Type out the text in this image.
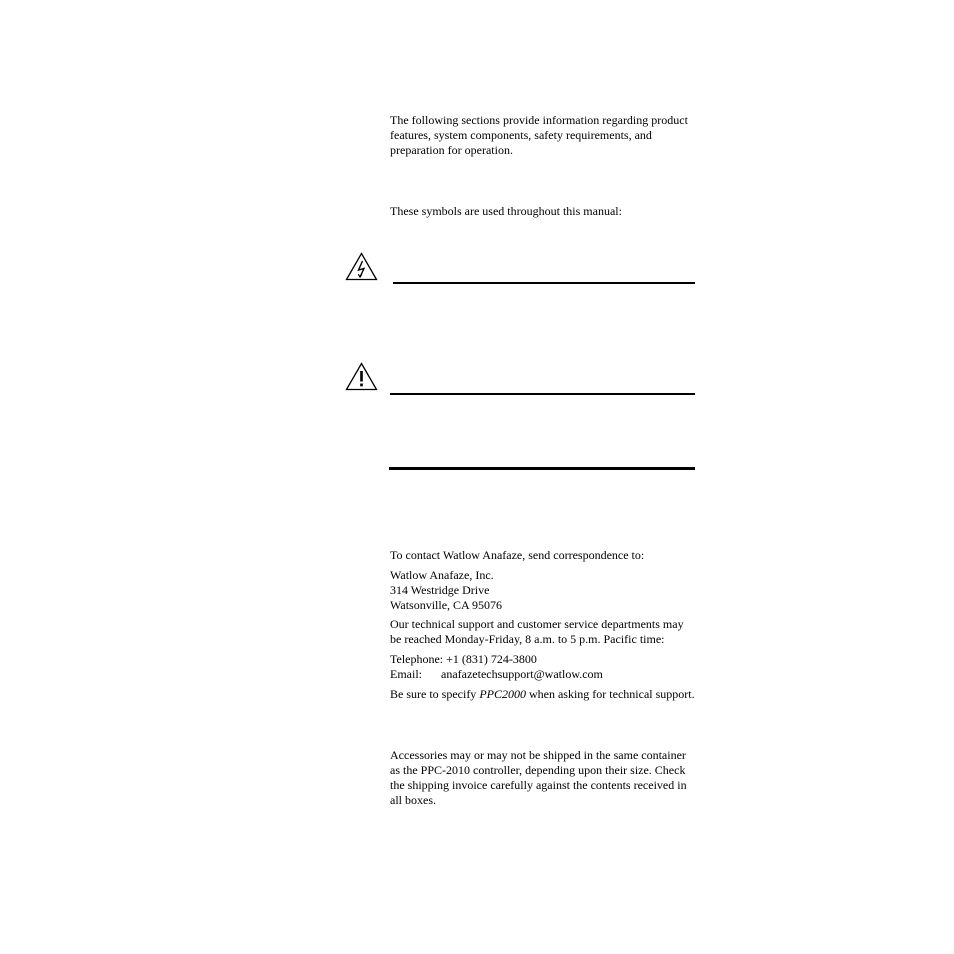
The following sections provide information regarding product
features, system components, safety requirements, and
preparation for operation.
These symbols are used throughout this manual:
To contact Watlow Anafaze, send correspondence to:
Watlow Anafaze, Inc.
314 Westridge Drive
Watsonville, CA 95076
Our technical support and customer service departments may
be reached Monday-Friday, 8 a.m. to 5 p.m. Pacific time:
Telephone: +1 (831) 724-3800
Email: anafazetechsupport@watlow.com
Be sure to specify PPC2000 when asking for technical support.
Accessories may or may not be shipped in the same container
as the PPC-2010 controller, depending upon their size. Check
the shipping invoice carefully against the contents received in
all boxes.
